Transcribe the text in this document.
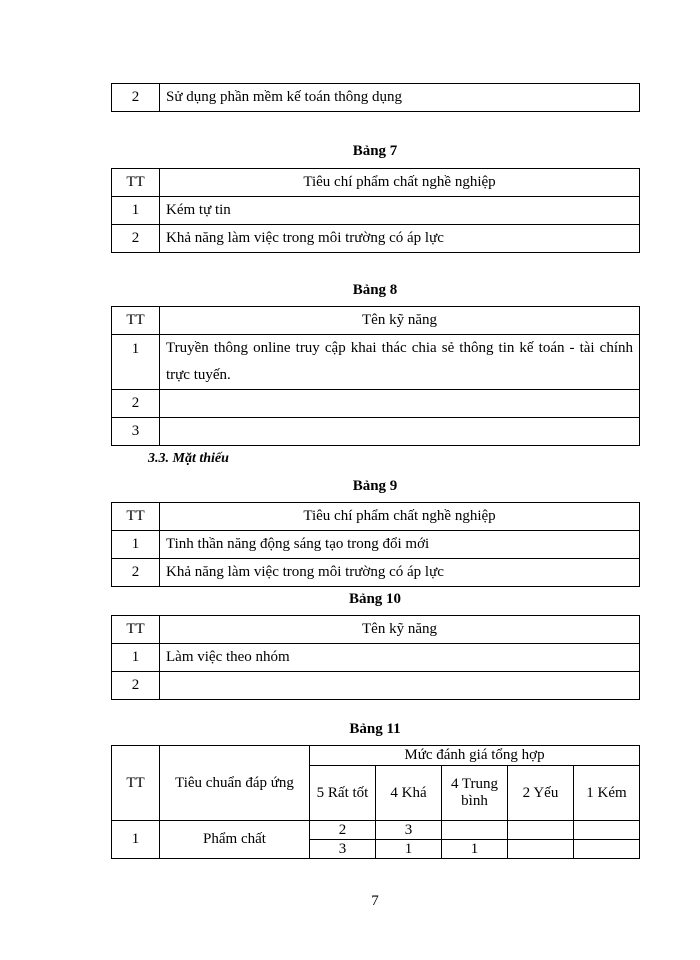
2	Sử dụng phần mềm kế toán thông dụng
Bảng 7
TT	Tiêu chí phẩm chất nghề nghiệp
1	Kém tự tin
2	Khả năng làm việc trong môi trường có áp lực
Bảng 8
TT	Tên kỹ năng
1	Truyền thông online truy cập khai thác chia sẻ thông tin kế toán - tài chính trực tuyến.
2	
3	
3.3. Mặt thiếu
Bảng 9
TT	Tiêu chí phẩm chất nghề nghiệp
1	Tinh thần năng động sáng tạo trong đổi mới
2	Khả năng làm việc trong môi trường có áp lực
Bảng 10
TT	Tên kỹ năng
1	Làm việc theo nhóm
2	
Bảng 11
TT	Tiêu chuẩn đáp ứng	Mức đánh giá tổng hợp				
		5 Rất tốt	4 Khá	4 Trung bình	2 Yếu	1 Kém
1	Phẩm chất	2	3			
		3	1	1		
7
